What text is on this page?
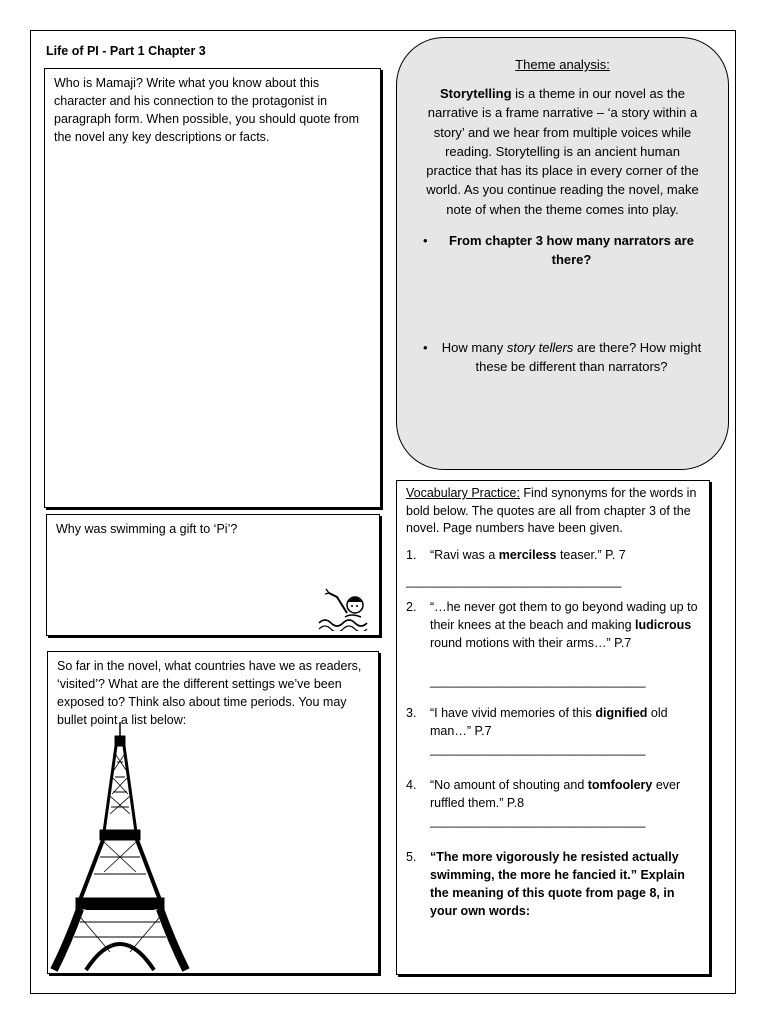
Life of PI - Part 1 Chapter 3
Who is Mamaji? Write what you know about this character and his connection to the protagonist in paragraph form. When possible, you should quote from the novel any key descriptions or facts.
Why was swimming a gift to ‘Pi’?
So far in the novel, what countries have we as readers, ‘visited’? What are the different settings we’ve been exposed to? Think also about time periods. You may bullet point a list below:
Theme analysis:
Storytelling is a theme in our novel as the narrative is a frame narrative – ‘a story within a story’ and we hear from multiple voices while reading. Storytelling is an ancient human practice that has its place in every corner of the world. As you continue reading the novel, make note of when the theme comes into play.
• From chapter 3 how many narrators are there?
• How many story tellers are there? How might these be different than narrators?
Vocabulary Practice: Find synonyms for the words in bold below. The quotes are all from chapter 3 of the novel. Page numbers have been given.
1. “Ravi was a merciless teaser.” P. 7
_______________________________
2. “…he never got them to go beyond wading up to their knees at the beach and making ludicrous round motions with their arms…” P.7
_______________________________
3. “I have vivid memories of this dignified old man…” P.7
_______________________________
4. “No amount of shouting and tomfoolery ever ruffled them.” P.8
_______________________________
5. “The more vigorously he resisted actually swimming, the more he fancied it.” Explain the meaning of this quote from page 8, in your own words:
